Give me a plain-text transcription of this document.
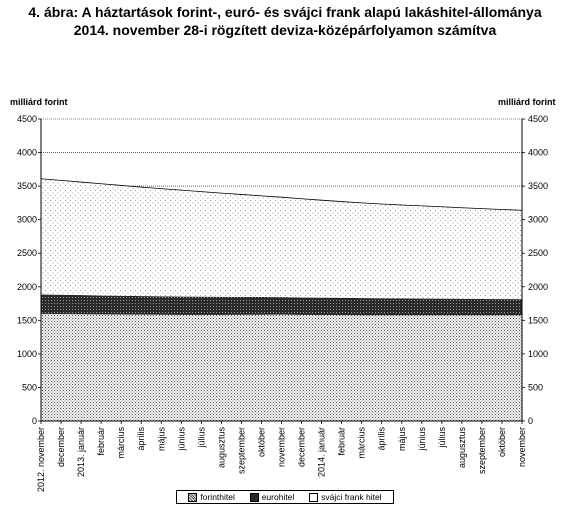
4. ábra: A háztartások forint-, euró- és svájci frank alapú lakáshitel-állománya
2014. november 28-i rögzített deviza-középárfolyamon számítva
milliárd forint	milliárd forint
0	0
500	500
1000	1000
1500	1500
2000	2000
2500	2500
3000	3000
3500	3500
4000	4000
4500	4500
2012. november december 2013. január február március április május június július augusztus szeptember október november december 2014. január február március április május június július augusztus szeptember október november
forinthitel	eurohitel	svájci frank hitel
